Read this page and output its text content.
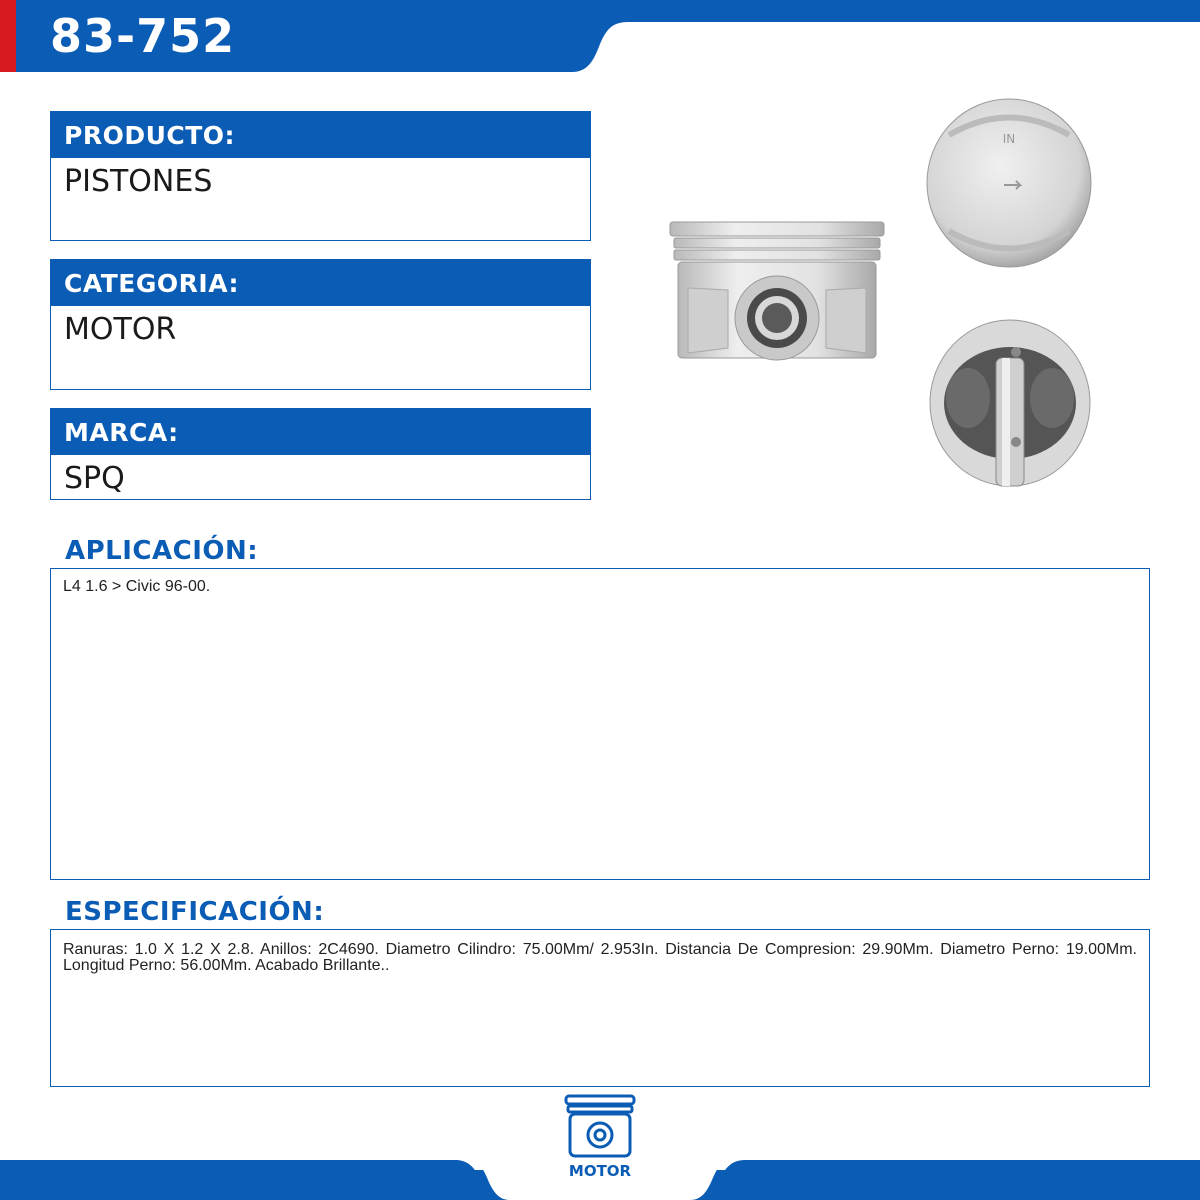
83-752
PRODUCTO:
PISTONES
CATEGORIA:
MOTOR
MARCA:
SPQ
IN
APLICACIÓN:

L4 1.6 > Civic 96-00.

ESPECIFICACIÓN:

Ranuras: 1.0 X 1.2 X 2.8. Anillos: 2C4690. Diametro Cilindro: 75.00Mm/ 2.953In. Distancia De Compresion: 29.90Mm. Diametro Perno: 19.00Mm. Longitud Perno: 56.00Mm. Acabado Brillante..

MOTOR
